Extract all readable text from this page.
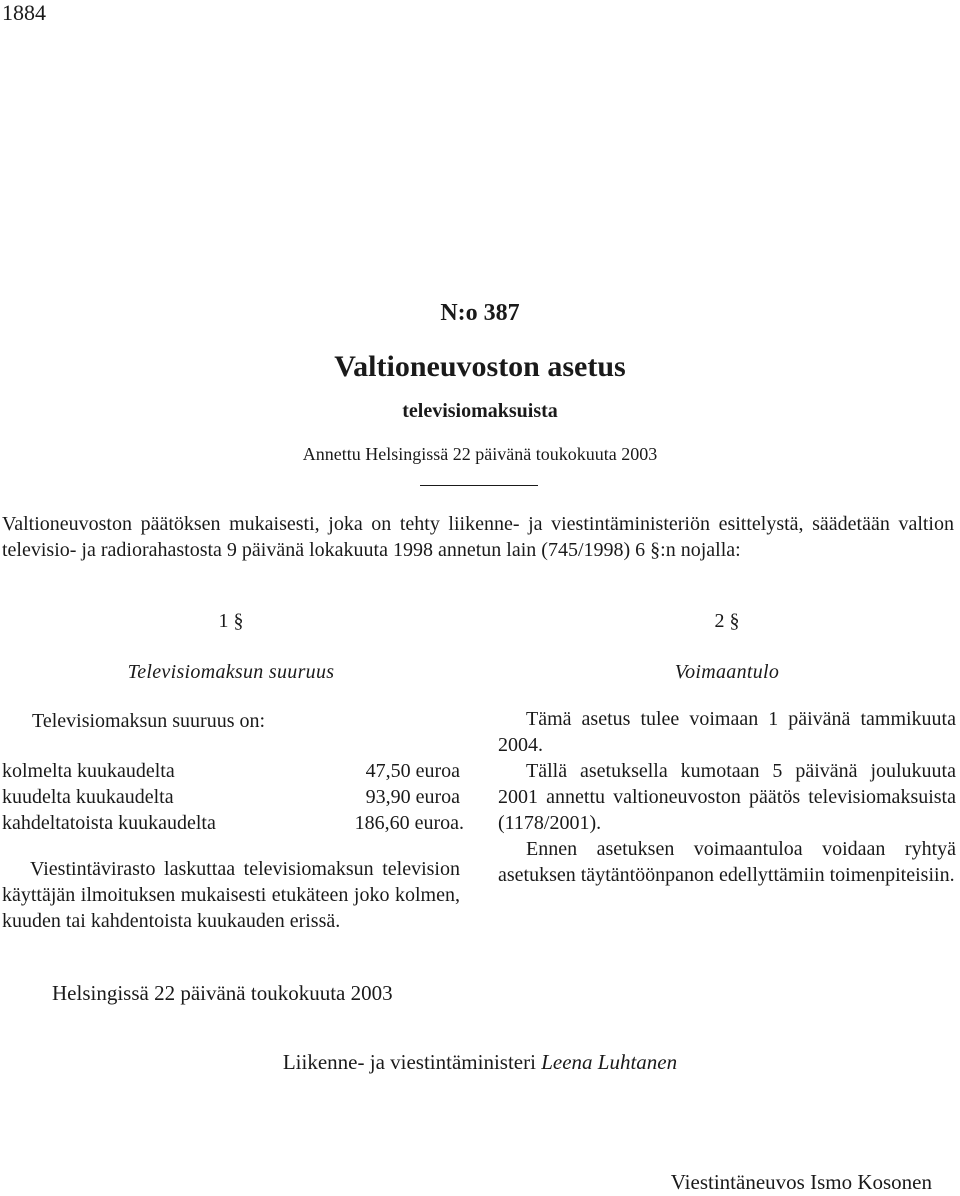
1884
N:o 387
Valtioneuvoston asetus
televisiomaksuista
Annettu Helsingissä 22 päivänä toukokuuta 2003
Valtioneuvoston päätöksen mukaisesti, joka on tehty liikenne- ja viestintäministeriön esittelystä, säädetään valtion televisio- ja radiorahastosta 9 päivänä lokakuuta 1998 annetun lain (745/1998) 6 §:n nojalla:
1 §
Televisiomaksun suuruus
Televisiomaksun suuruus on:
kolmelta kuukaudelta	47,50 euroa
kuudelta kuukaudelta	93,90 euroa
kahdeltatoista kuukaudelta	186,60 euroa.
Viestintävirasto laskuttaa televisiomaksun television käyttäjän ilmoituksen mukaisesti etukäteen joko kolmen, kuuden tai kahdentoista kuukauden erissä.
2 §
Voimaantulo
Tämä asetus tulee voimaan 1 päivänä tammikuuta 2004.
Tällä asetuksella kumotaan 5 päivänä joulukuuta 2001 annettu valtioneuvoston päätös televisiomaksuista (1178/2001).
Ennen asetuksen voimaantuloa voidaan ryhtyä asetuksen täytäntöönpanon edellyttämiin toimenpiteisiin.
Helsingissä 22 päivänä toukokuuta 2003
Liikenne- ja viestintäministeri Leena Luhtanen
Viestintäneuvos Ismo Kosonen
